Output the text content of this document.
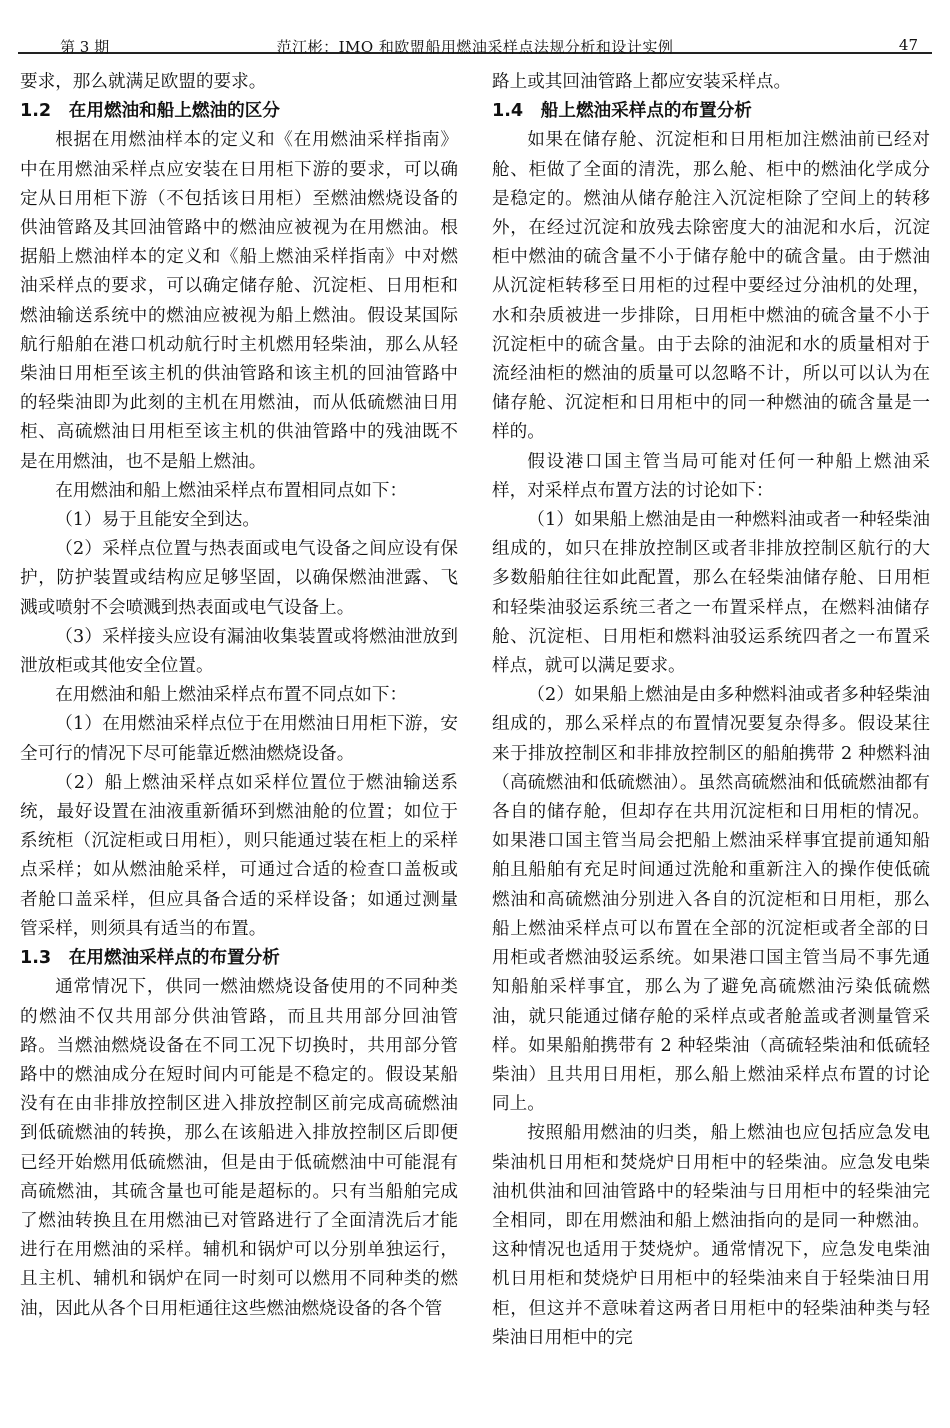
第 3 期	范江彬：IMO 和欧盟船用燃油采样点法规分析和设计实例	47

要求，那么就满足欧盟的要求。

1.2 在用燃油和船上燃油的区分

根据在用燃油样本的定义和《在用燃油采样指南》中在用燃油采样点应安装在日用柜下游的要求，可以确定从日用柜下游（不包括该日用柜）至燃油燃烧设备的供油管路及其回油管路中的燃油应被视为在用燃油。根据船上燃油样本的定义和《船上燃油采样指南》中对燃油采样点的要求，可以确定储存舱、沉淀柜、日用柜和燃油输送系统中的燃油应被视为船上燃油。假设某国际航行船舶在港口机动航行时主机燃用轻柴油，那么从轻柴油日用柜至该主机的供油管路和该主机的回油管路中的轻柴油即为此刻的主机在用燃油，而从低硫燃油日用柜、高硫燃油日用柜至该主机的供油管路中的残油既不是在用燃油，也不是船上燃油。

在用燃油和船上燃油采样点布置相同点如下：

（1）易于且能安全到达。

（2）采样点位置与热表面或电气设备之间应设有保护，防护装置或结构应足够坚固，以确保燃油泄露、飞溅或喷射不会喷溅到热表面或电气设备上。

（3）采样接头应设有漏油收集装置或将燃油泄放到泄放柜或其他安全位置。

在用燃油和船上燃油采样点布置不同点如下：

（1）在用燃油采样点位于在用燃油日用柜下游，安全可行的情况下尽可能靠近燃油燃烧设备。

（2）船上燃油采样点如采样位置位于燃油输送系统，最好设置在油液重新循环到燃油舱的位置；如位于系统柜（沉淀柜或日用柜），则只能通过装在柜上的采样点采样；如从燃油舱采样，可通过合适的检查口盖板或者舱口盖采样，但应具备合适的采样设备；如通过测量管采样，则须具有适当的布置。

1.3 在用燃油采样点的布置分析

通常情况下，供同一燃油燃烧设备使用的不同种类的燃油不仅共用部分供油管路，而且共用部分回油管路。当燃油燃烧设备在不同工况下切换时，共用部分管路中的燃油成分在短时间内可能是不稳定的。假设某船没有在由非排放控制区进入排放控制区前完成高硫燃油到低硫燃油的转换，那么在该船进入排放控制区后即便已经开始燃用低硫燃油，但是由于低硫燃油中可能混有高硫燃油，其硫含量也可能是超标的。只有当船舶完成了燃油转换且在用燃油已对管路进行了全面清洗后才能进行在用燃油的采样。辅机和锅炉可以分别单独运行，且主机、辅机和锅炉在同一时刻可以燃用不同种类的燃油，因此从各个日用柜通往这些燃油燃烧设备的各个管

路上或其回油管路上都应安装采样点。

1.4 船上燃油采样点的布置分析

如果在储存舱、沉淀柜和日用柜加注燃油前已经对舱、柜做了全面的清洗，那么舱、柜中的燃油化学成分是稳定的。燃油从储存舱注入沉淀柜除了空间上的转移外，在经过沉淀和放残去除密度大的油泥和水后，沉淀柜中燃油的硫含量不小于储存舱中的硫含量。由于燃油从沉淀柜转移至日用柜的过程中要经过分油机的处理，水和杂质被进一步排除，日用柜中燃油的硫含量不小于沉淀柜中的硫含量。由于去除的油泥和水的质量相对于流经油柜的燃油的质量可以忽略不计，所以可以认为在储存舱、沉淀柜和日用柜中的同一种燃油的硫含量是一样的。

假设港口国主管当局可能对任何一种船上燃油采样，对采样点布置方法的讨论如下：

（1）如果船上燃油是由一种燃料油或者一种轻柴油组成的，如只在排放控制区或者非排放控制区航行的大多数船舶往往如此配置，那么在轻柴油储存舱、日用柜和轻柴油驳运系统三者之一布置采样点，在燃料油储存舱、沉淀柜、日用柜和燃料油驳运系统四者之一布置采样点，就可以满足要求。

（2）如果船上燃油是由多种燃料油或者多种轻柴油组成的，那么采样点的布置情况要复杂得多。假设某往来于排放控制区和非排放控制区的船舶携带 2 种燃料油（高硫燃油和低硫燃油）。虽然高硫燃油和低硫燃油都有各自的储存舱，但却存在共用沉淀柜和日用柜的情况。如果港口国主管当局会把船上燃油采样事宜提前通知船舶且船舶有充足时间通过洗舱和重新注入的操作使低硫燃油和高硫燃油分别进入各自的沉淀柜和日用柜，那么船上燃油采样点可以布置在全部的沉淀柜或者全部的日用柜或者燃油驳运系统。如果港口国主管当局不事先通知船舶采样事宜，那么为了避免高硫燃油污染低硫燃油，就只能通过储存舱的采样点或者舱盖或者测量管采样。如果船舶携带有 2 种轻柴油（高硫轻柴油和低硫轻柴油）且共用日用柜，那么船上燃油采样点布置的讨论同上。

按照船用燃油的归类，船上燃油也应包括应急发电柴油机日用柜和焚烧炉日用柜中的轻柴油。应急发电柴油机供油和回油管路中的轻柴油与日用柜中的轻柴油完全相同，即在用燃油和船上燃油指向的是同一种燃油。这种情况也适用于焚烧炉。通常情况下，应急发电柴油机日用柜和焚烧炉日用柜中的轻柴油来自于轻柴油日用柜，但这并不意味着这两者日用柜中的轻柴油种类与轻柴油日用柜中的完
